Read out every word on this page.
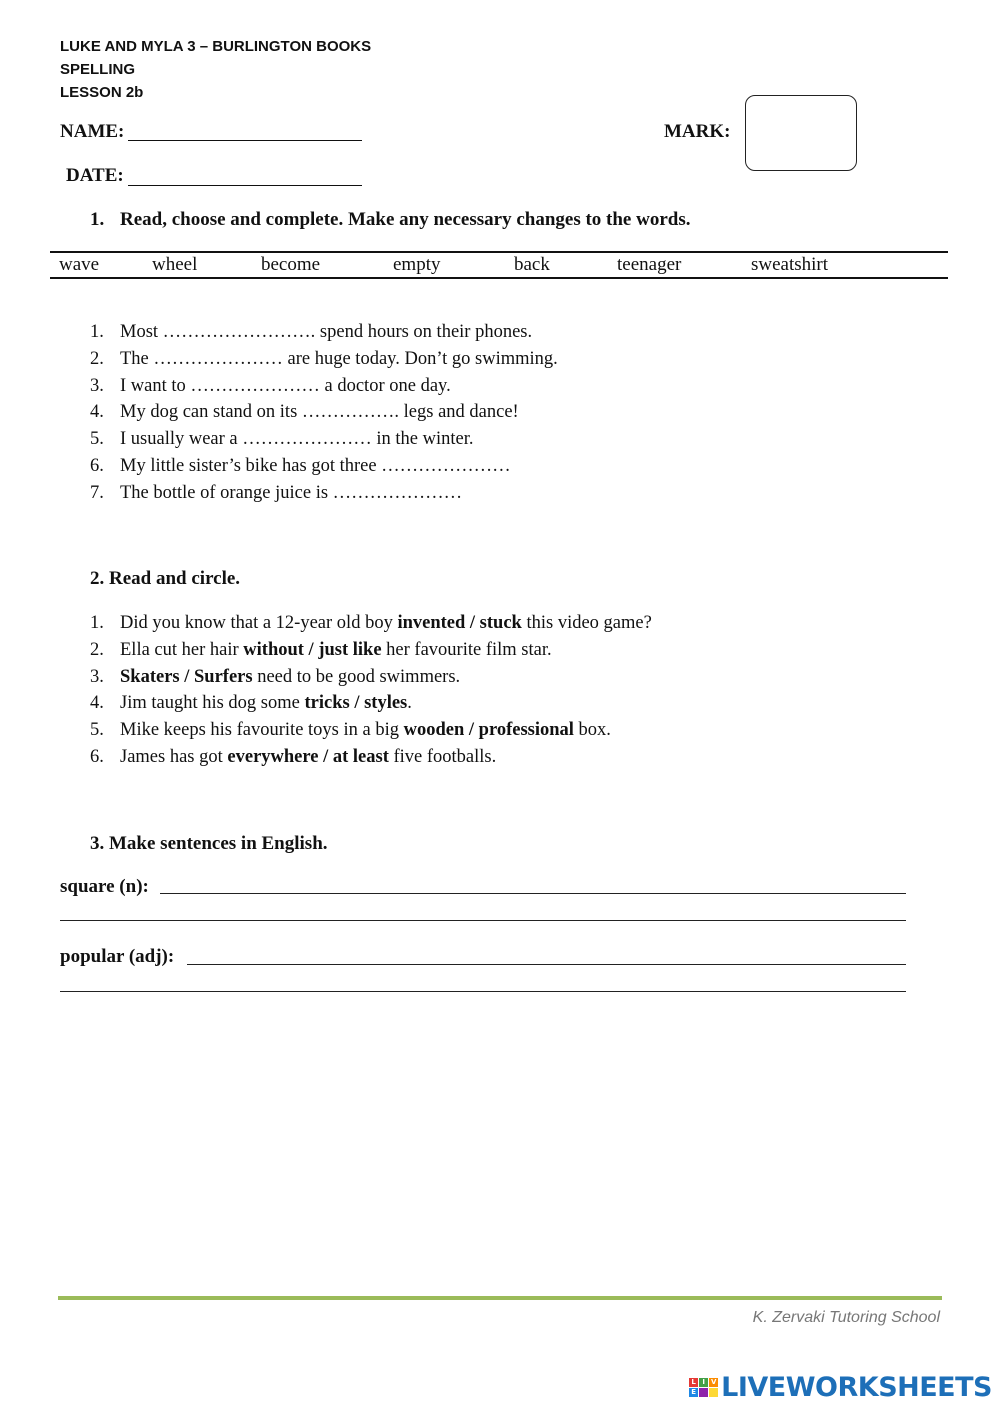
LUKE AND MYLA 3 – BURLINGTON BOOKS
SPELLING
LESSON 2b
NAME:
DATE:
MARK:
1. Read, choose and complete. Make any necessary changes to the words.
wave	wheel	become	empty	back	teenager	sweatshirt
1. Most ……………………. spend hours on their phones.
2. The ………………… are huge today. Don’t go swimming.
3. I want to ………………… a doctor one day.
4. My dog can stand on its ……………. legs and dance!
5. I usually wear a ………………… in the winter.
6. My little sister’s bike has got three …………………
7. The bottle of orange juice is …………………
2. Read and circle.
1. Did you know that a 12-year old boy invented / stuck this video game?
2. Ella cut her hair without / just like her favourite film star.
3. Skaters / Surfers need to be good swimmers.
4. Jim taught his dog some tricks / styles.
5. Mike keeps his favourite toys in a big wooden / professional box.
6. James has got everywhere / at least five footballs.
3. Make sentences in English.
square (n):
popular (adj):
K. Zervaki Tutoring School
L I V
E LIVEWORKSHEETS
